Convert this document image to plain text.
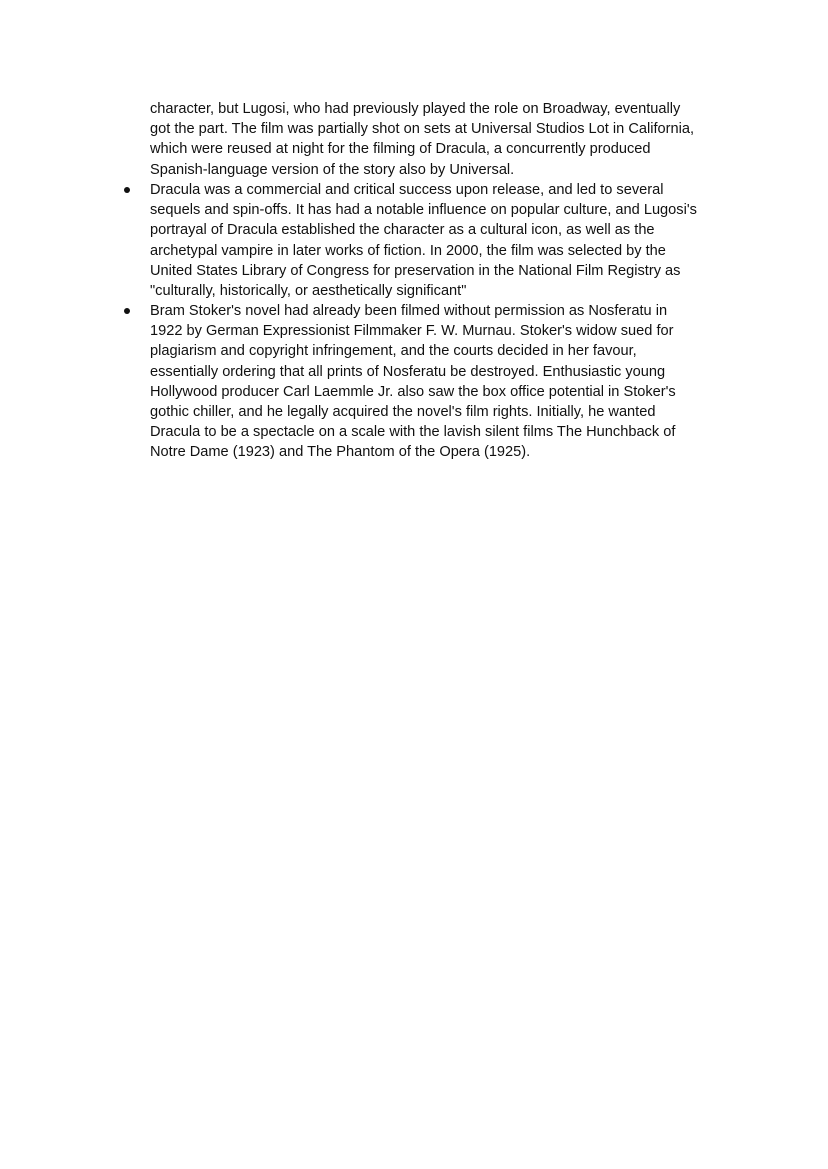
character, but Lugosi, who had previously played the role on Broadway, eventually
got the part. The film was partially shot on sets at Universal Studios Lot in California,
which were reused at night for the filming of Dracula, a concurrently produced
Spanish-language version of the story also by Universal.
Dracula was a commercial and critical success upon release, and led to several
sequels and spin-offs. It has had a notable influence on popular culture, and Lugosi's
portrayal of Dracula established the character as a cultural icon, as well as the
archetypal vampire in later works of fiction. In 2000, the film was selected by the
United States Library of Congress for preservation in the National Film Registry as
"culturally, historically, or aesthetically significant"
Bram Stoker's novel had already been filmed without permission as Nosferatu in
1922 by German Expressionist Filmmaker F. W. Murnau. Stoker's widow sued for
plagiarism and copyright infringement, and the courts decided in her favour,
essentially ordering that all prints of Nosferatu be destroyed. Enthusiastic young
Hollywood producer Carl Laemmle Jr. also saw the box office potential in Stoker's
gothic chiller, and he legally acquired the novel's film rights. Initially, he wanted
Dracula to be a spectacle on a scale with the lavish silent films The Hunchback of
Notre Dame (1923) and The Phantom of the Opera (1925).
